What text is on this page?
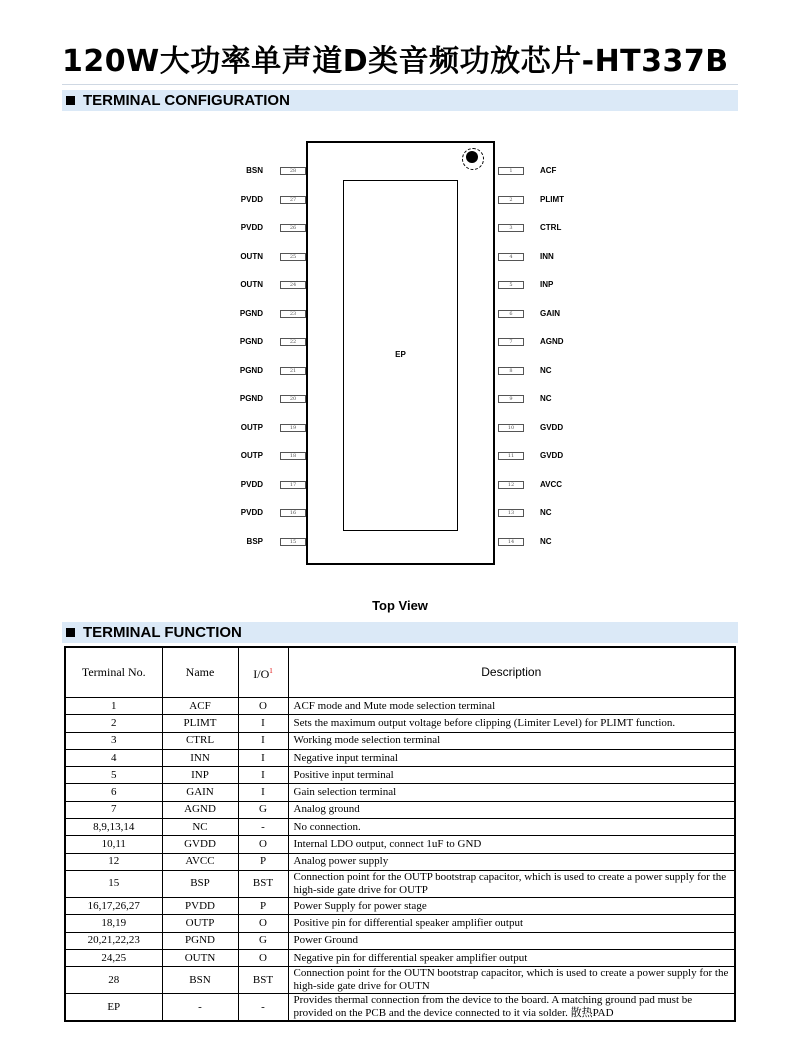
120W大功率单声道D类音频功放芯片-HT337B
TERMINAL CONFIGURATION
EP
28
BSN
27
PVDD
26
PVDD
25
OUTN
24
OUTN
23
PGND
22
PGND
21
PGND
20
PGND
19
OUTP
18
OUTP
17
PVDD
16
PVDD
15
BSP
1	ACF
2	PLIMT
3	CTRL
4	INN
5	INP
6	GAIN
7	AGND
8	NC
9	NC
10	GVDD
11	GVDD
12	AVCC
13	NC
14	NC
Top View
TERMINAL FUNCTION
Terminal No.	Name	$I/O^1$	Description
1	ACF	O	ACF mode and Mute mode selection terminal
2	PLIMT	I	Sets the maximum output voltage before clipping (Limiter Level) for PLIMT function.
3	CTRL	I	Working mode selection terminal
4	INN	I	Negative input terminal
5	INP	I	Positive input terminal
6	GAIN	I	Gain selection terminal
7	AGND	G	Analog ground
8,9,13,14	NC	-	No connection.
10,11	GVDD	O	Internal LDO output, connect 1uF to GND
12	AVCC	P	Analog power supply
15	BSP	BST	Connection point for the OUTP bootstrap capacitor, which is used to create a power supply for the high-side gate drive for OUTP
16,17,26,27	PVDD	P	Power Supply for power stage
18,19	OUTP	O	Positive pin for differential speaker amplifier output
20,21,22,23	PGND	G	Power Ground
24,25	OUTN	O	Negative pin for differential speaker amplifier output
28	BSN	BST	Connection point for the OUTN bootstrap capacitor, which is used to create a power supply for the high-side gate drive for OUTN
EP	-	-	Provides thermal connection from the device to the board. A matching ground pad must be provided on the PCB and the device connected to it via solder. 散热PAD
